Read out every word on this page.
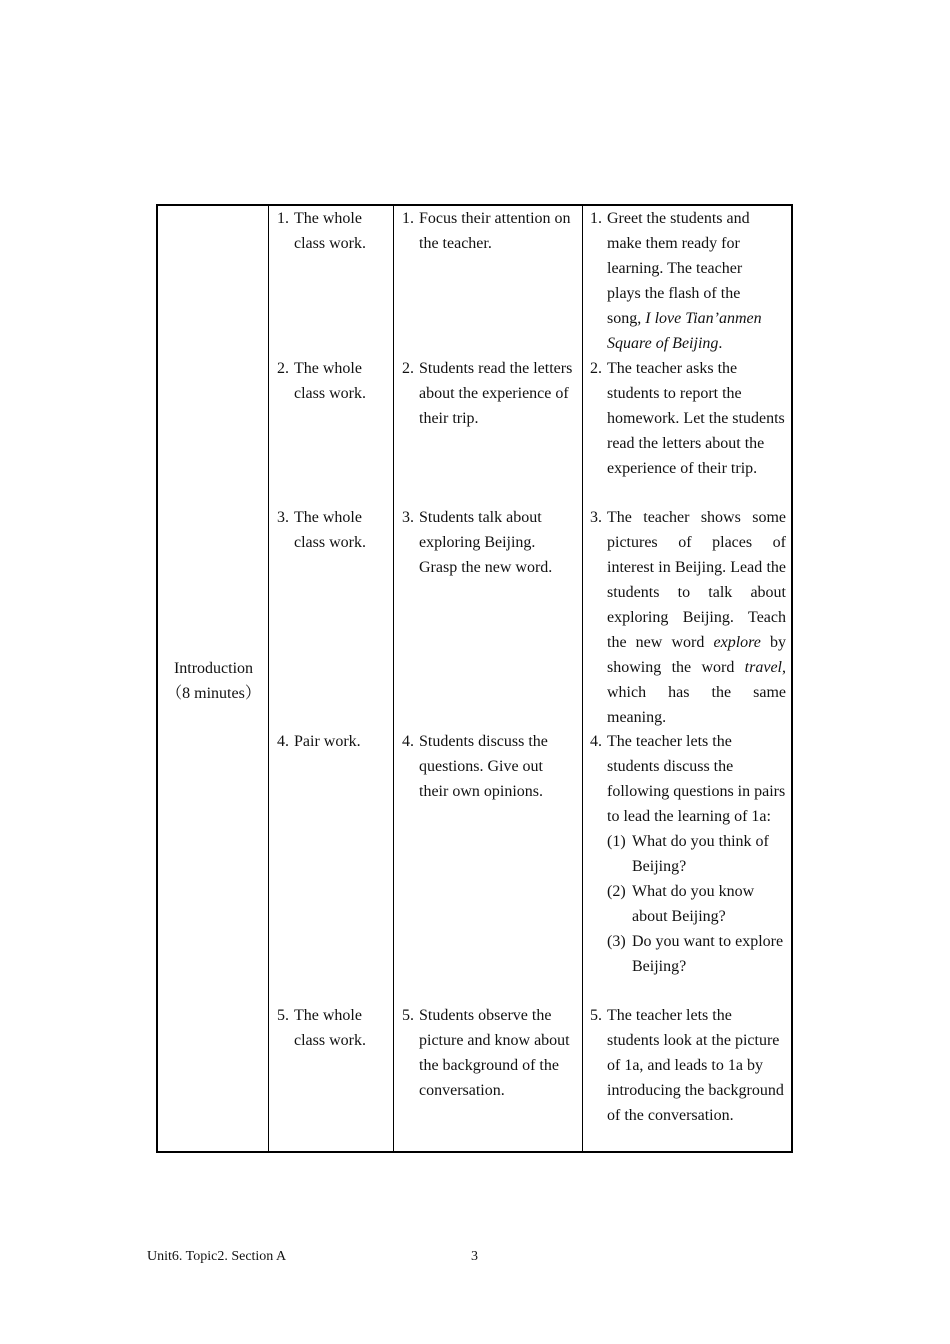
Introduction
（8 minutes）
1. The whole class work.
2. The whole class work.
3. The whole class work.
4. Pair work.
5. The whole class work.
1. Focus their attention on the teacher.
2. Students read the letters about the experience of their trip.
3. Students talk about exploring Beijing. Grasp the new word.
4. Students discuss the questions. Give out their own opinions.
5. Students observe the picture and know about the background of the conversation.
1. Greet the students and
make them ready for
learning. The teacher
plays the flash of the
song, I love Tian’anmen Square of Beijing.
2. The teacher asks the students to report the homework. Let the students read the letters about the experience of their trip.
3. The teacher shows some pictures of places of interest in Beijing. Lead the students to talk about exploring Beijing. Teach the new word explore by showing the word travel, which has the same meaning.
4. The teacher lets the students discuss the following questions in pairs to lead the learning of 1a:
(1) What do you think of Beijing?
(2) What do you know about Beijing?
(3) Do you want to explore Beijing?
5. The teacher lets the students look at the picture of 1a, and leads to 1a by introducing the background of the conversation.
Unit6. Topic2. Section A	3
